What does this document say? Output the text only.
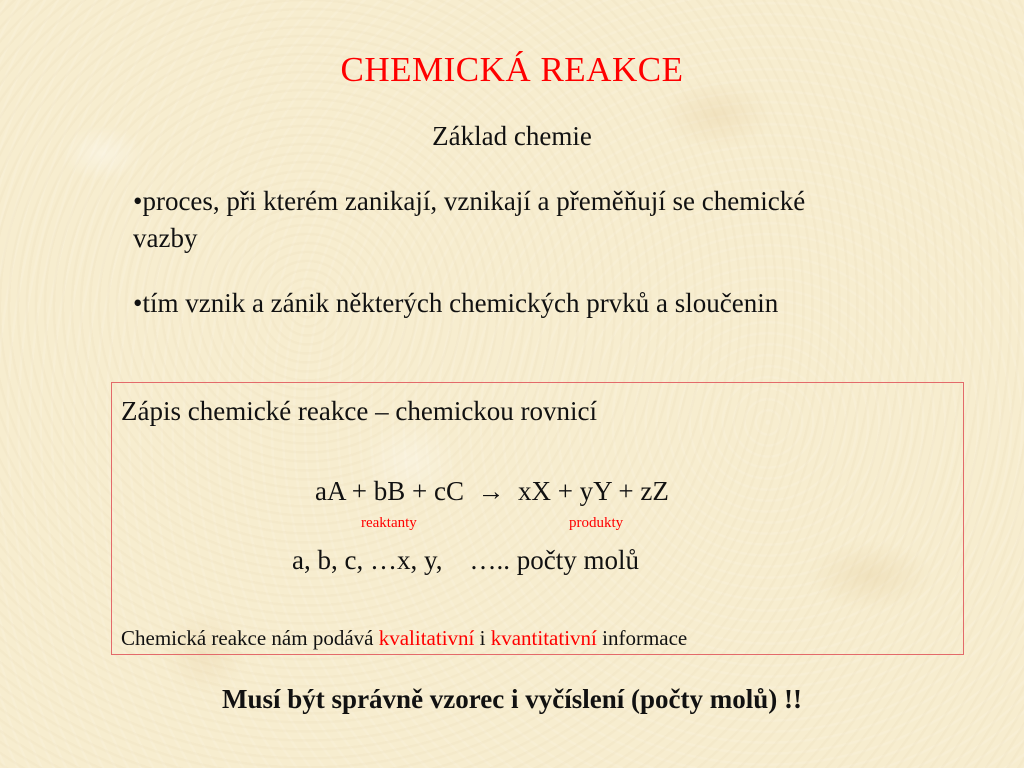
CHEMICKÁ REAKCE
Základ chemie
•proces, při kterém zanikají, vznikají a přeměňují se chemické vazby
•tím vznik a zánik některých chemických prvků a sloučenin
Zápis chemické reakce – chemickou rovnicí
aA + bB + cC  →  xX + yY + zZ
reaktanty	produkty
a, b, c, …x, y,    ….. počty molů
Chemická reakce nám podává kvalitativní i kvantitativní informace
Musí být správně vzorec i vyčíslení (počty molů) !!
